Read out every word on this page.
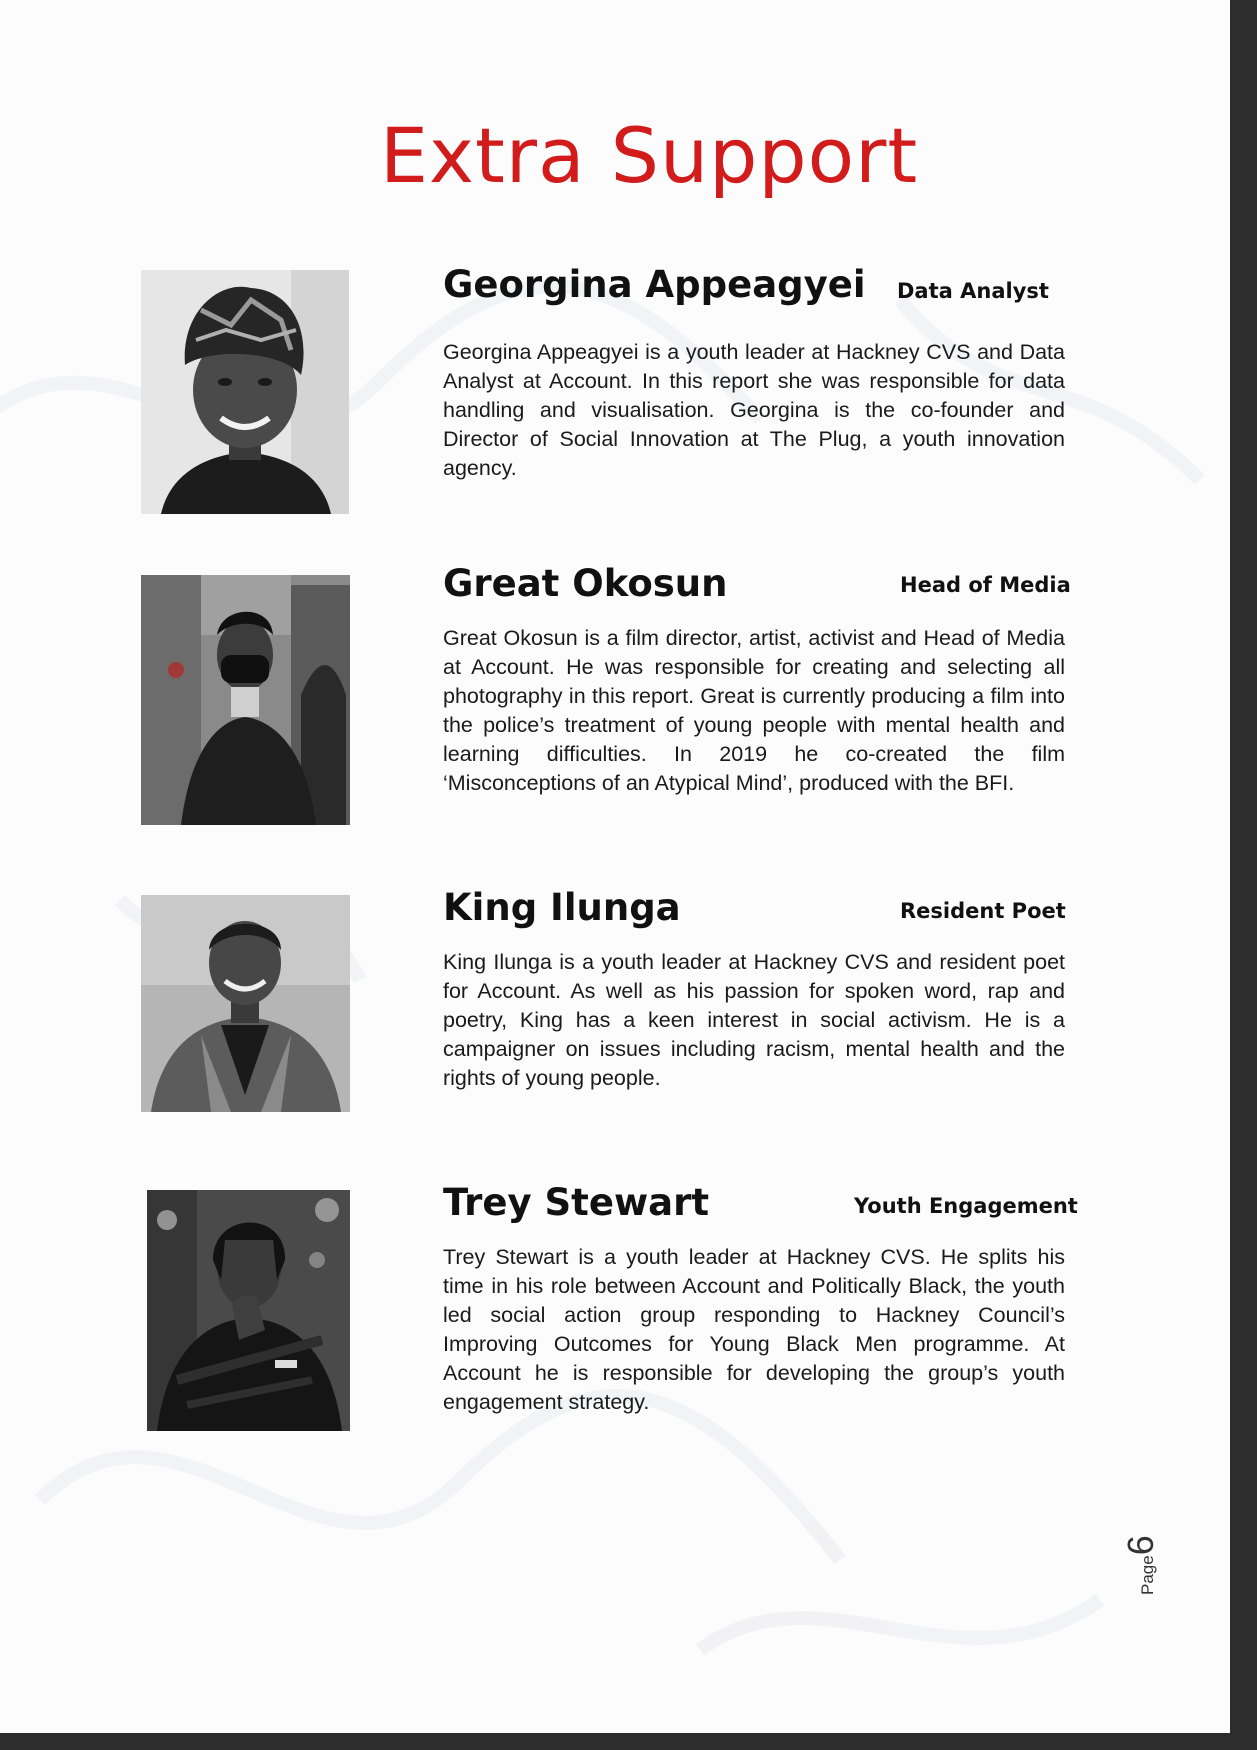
Extra Support
Georgina Appeagyei Data Analyst

Georgina Appeagyei is a youth leader at Hackney CVS and Data Analyst at Account. In this report she was responsible for data handling and visualisation. Georgina is the co-founder and Director of Social Innovation at The Plug, a youth innovation agency.

Great Okosun	Head of Media

Great Okosun is a film director, artist, activist and Head of Media at Account. He was responsible for creating and selecting all photography in this report. Great is currently producing a film into the police’s treatment of young people with mental health and learning difficulties. In 2019 he co-created the film ‘Misconceptions of an Atypical Mind’, produced with the BFI.

King Ilunga	Resident Poet

King Ilunga is a youth leader at Hackney CVS and resident poet for Account. As well as his passion for spoken word, rap and poetry, King has a keen interest in social activism. He is a campaigner on issues including racism, mental health and the rights of young people.

Trey Stewart	Youth Engagement

Trey Stewart is a youth leader at Hackney CVS. He splits his time in his role between Account and Politically Black, the youth led social action group responding to Hackney Council’s Improving Outcomes for Young Black Men programme. At Account he is responsible for developing the group’s youth engagement strategy.

Page6
